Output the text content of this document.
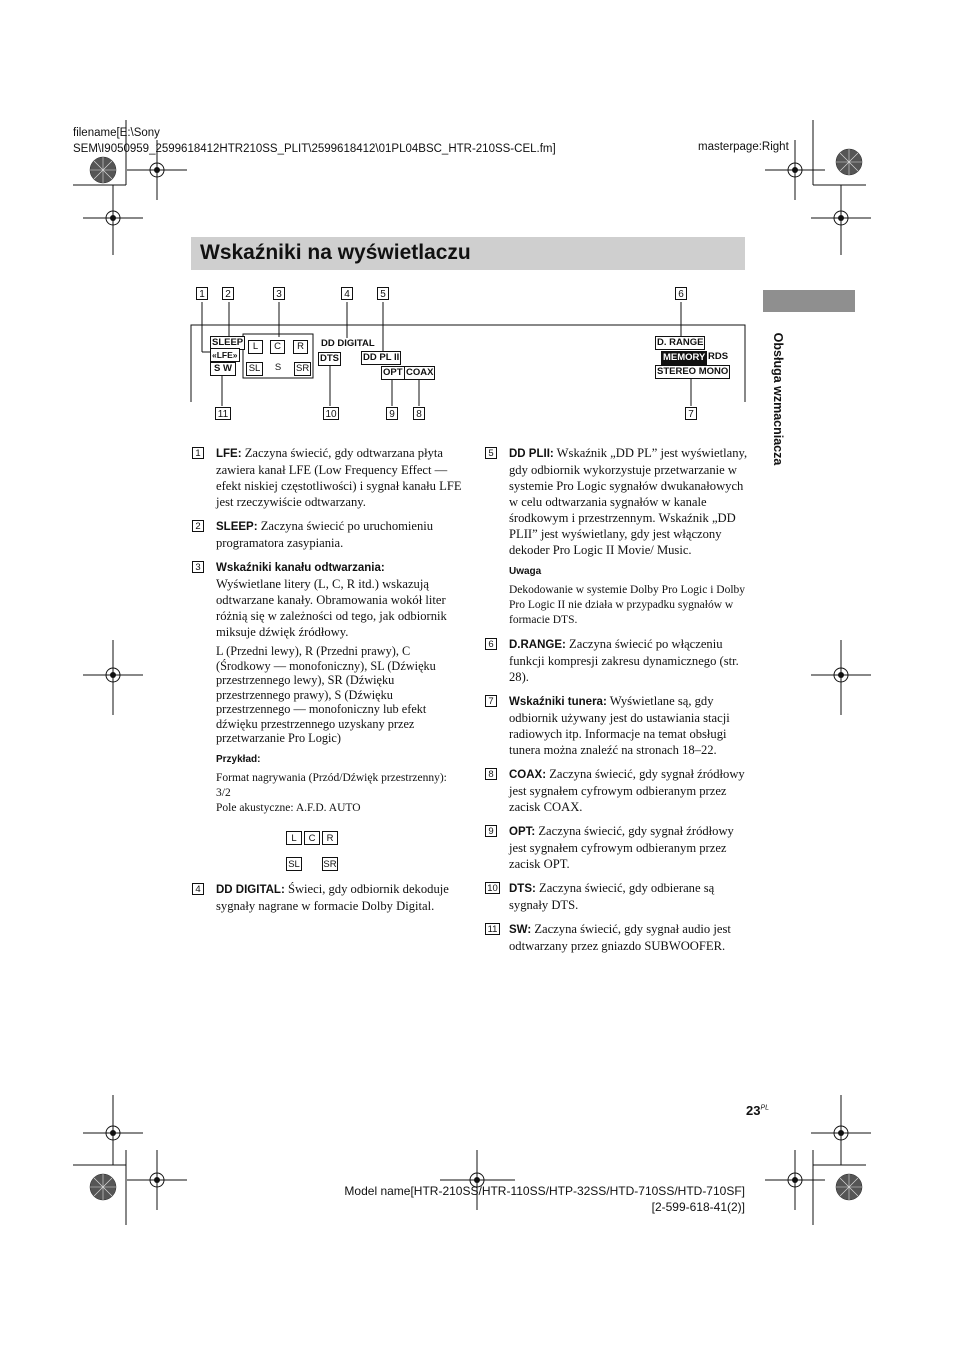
filename[E:\Sony
SEM\I9050959_2599618412HTR210SS_PLIT\2599618412\01PL04BSC_HTR-210SS-CEL.fm]	masterpage:Right
Wskaźniki na wyświetlaczu
Obsługa wzmacniacza
1	2	3	4	5	6
11	10	9	8	7
SLEEP
«LFE»
S W
L	C	R
SL S SR
DD DIGITAL
DTS	DD PL II
OPT COAX
D. RANGE
MEMORY RDS
STEREO MONO
1 LFE: Zaczyna świecić, gdy odtwarzana płyta zawiera kanał LFE (Low Frequency Effect — efekt niskiej częstotliwości) i sygnał kanału LFE jest rzeczywiście odtwarzany.
2 SLEEP: Zaczyna świecić po uruchomieniu programatora zasypiania.
3 Wskaźniki kanału odtwarzania:
Wyświetlane litery (L, C, R itd.) wskazują odtwarzane kanały. Obramowania wokół liter różnią się w zależności od tego, jak odbiornik miksuje dźwięk źródłowy.
L (Przedni lewy), R (Przedni prawy), C (Środkowy — monofoniczny), SL (Dźwięku przestrzennego lewy), SR (Dźwięku przestrzennego prawy), S (Dźwięku przestrzennego — monofoniczny lub efekt dźwięku przestrzennego uzyskany przez przetwarzanie Pro Logic)
Przykład:
Format nagrywania (Przód/Dźwięk przestrzenny): 3/2
Pole akustyczne: A.F.D. AUTO
L C R
SL SR
4 DD DIGITAL: Świeci, gdy odbiornik dekoduje sygnały nagrane w formacie Dolby Digital.
5 DD PLII: Wskaźnik „DD PL” jest wyświetlany, gdy odbiornik wykorzystuje przetwarzanie w systemie Pro Logic sygnałów dwukanałowych w celu odtwarzania sygnałów w kanale środkowym i przestrzennym. Wskaźnik „DD PLII” jest wyświetlany, gdy jest włączony dekoder Pro Logic II Movie/ Music.
Uwaga
Dekodowanie w systemie Dolby Pro Logic i Dolby Pro Logic II nie działa w przypadku sygnałów w formacie DTS.
6 D.RANGE: Zaczyna świecić po włączeniu funkcji kompresji zakresu dynamicznego (str. 28).
7 Wskaźniki tunera: Wyświetlane są, gdy odbiornik używany jest do ustawiania stacji radiowych itp. Informacje na temat obsługi tunera można znaleźć na stronach 18–22.
8 COAX: Zaczyna świecić, gdy sygnał źródłowy jest sygnałem cyfrowym odbieranym przez zacisk COAX.
9 OPT: Zaczyna świecić, gdy sygnał źródłowy jest sygnałem cyfrowym odbieranym przez zacisk OPT.
10 DTS: Zaczyna świecić, gdy odbierane są sygnały DTS.
11 SW: Zaczyna świecić, gdy sygnał audio jest odtwarzany przez gniazdo SUBWOOFER.
$23^{PL}$
Model name[HTR-210SS/HTR-110SS/HTP-32SS/HTD-710SS/HTD-710SF]
[2-599-618-41(2)]
